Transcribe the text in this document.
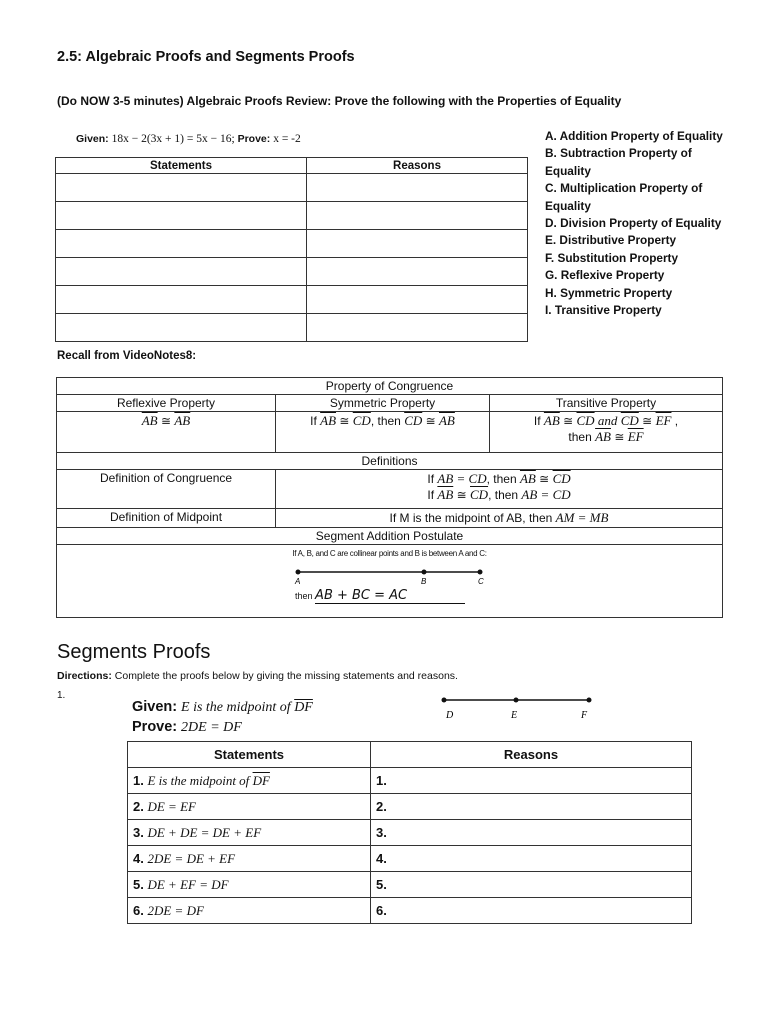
2.5: Algebraic Proofs and Segments Proofs
(Do NOW 3-5 minutes) Algebraic Proofs Review: Prove the following with the Properties of Equality
Given: 18x − 2(3x + 1) = 5x − 16; Prove: x = -2
Statements	Reasons

A. Addition Property of Equality
B. Subtraction Property of Equality
C. Multiplication Property of Equality
D. Division Property of Equality
E. Distributive Property
F. Substitution Property
G. Reflexive Property
H. Symmetric Property
I. Transitive Property
Recall from VideoNotes8:
Property of Congruence		
Reflexive Property	Symmetric Property	Transitive Property
$\overline{AB}$ ≅ $\overline{AB}$	If $\overline{AB}$ ≅ $\overline{CD}$, then $\overline{CD}$ ≅ $\overline{AB}$	If $\overline{AB}$ ≅ $\overline{CD}$ and $\overline{CD}$ ≅ $\overline{EF}$ ,
then $\overline{AB}$ ≅ $\overline{EF}$
Definitions		
Definition of Congruence	If AB = CD, then $\overline{AB}$ ≅ $\overline{CD}$
If $\overline{AB}$ ≅ $\overline{CD}$, then AB = CD	
Definition of Midpoint	If M is the midpoint of AB, then AM = MB	
Segment Addition Postulate		

If A, B, and C are collinear points and B is between A and C:
A B C
then AB + BC = AC		
Segments Proofs
Directions: Complete the proofs below by giving the missing statements and reasons.
1.
Given: E is the midpoint of $\overline{DF}$
Prove: 2DE = DF
D	E	F
Statements	Reasons
1. E is the midpoint of $\overline{DF}$	1.
2. DE = EF	2.
3. DE + DE = DE + EF	3.
4. 2DE = DE + EF	4.
5. DE + EF = DF	5.
6. 2DE = DF	6.
